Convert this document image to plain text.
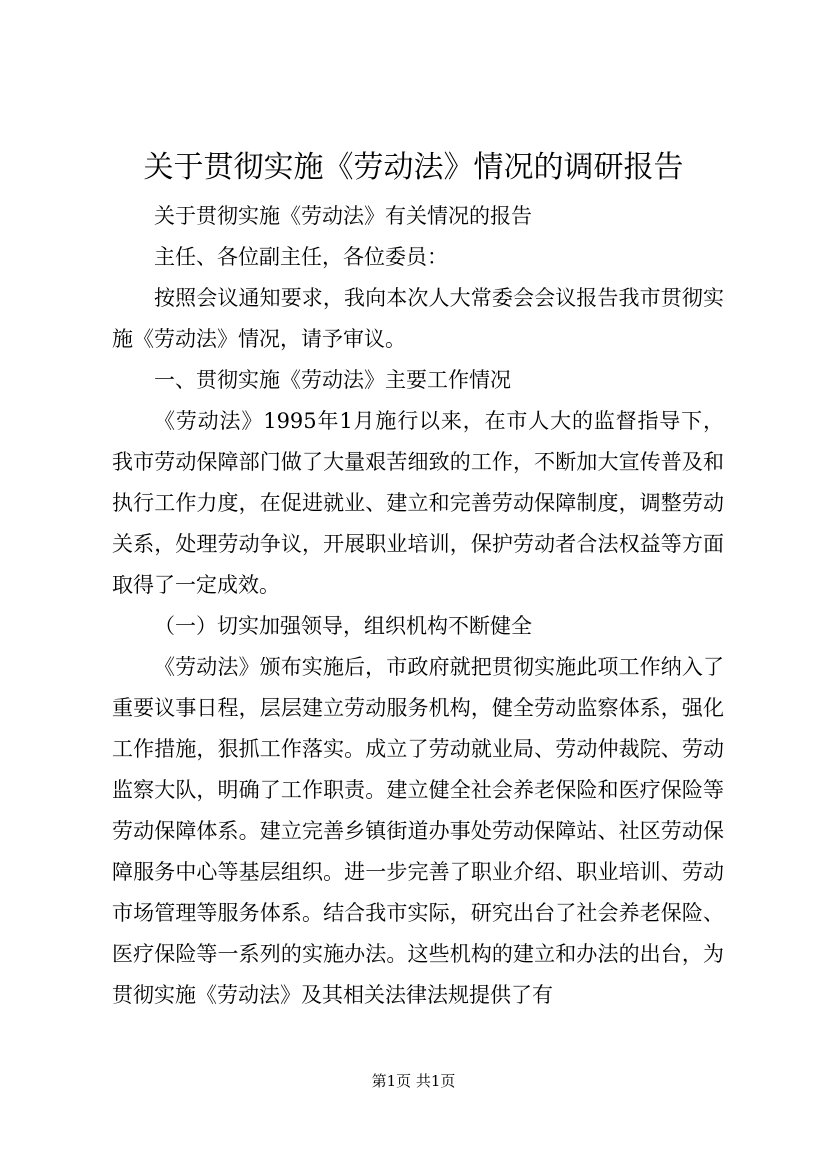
关于贯彻实施《劳动法》情况的调研报告

关于贯彻实施《劳动法》有关情况的报告

主任、各位副主任，各位委员：

按照会议通知要求，我向本次人大常委会会议报告我市贯彻实施《劳动法》情况，请予审议。

一、贯彻实施《劳动法》主要工作情况

《劳动法》1995年1月施行以来，在市人大的监督指导下，我市劳动保障部门做了大量艰苦细致的工作，不断加大宣传普及和执行工作力度，在促进就业、建立和完善劳动保障制度，调整劳动关系，处理劳动争议，开展职业培训，保护劳动者合法权益等方面取得了一定成效。

（一）切实加强领导，组织机构不断健全

《劳动法》颁布实施后，市政府就把贯彻实施此项工作纳入了重要议事日程，层层建立劳动服务机构，健全劳动监察体系，强化工作措施，狠抓工作落实。成立了劳动就业局、劳动仲裁院、劳动监察大队，明确了工作职责。建立健全社会养老保险和医疗保险等劳动保障体系。建立完善乡镇街道办事处劳动保障站、社区劳动保障服务中心等基层组织。进一步完善了职业介绍、职业培训、劳动市场管理等服务体系。结合我市实际，研究出台了社会养老保险、医疗保险等一系列的实施办法。这些机构的建立和办法的出台，为贯彻实施《劳动法》及其相关法律法规提供了有

第1页 共1页
